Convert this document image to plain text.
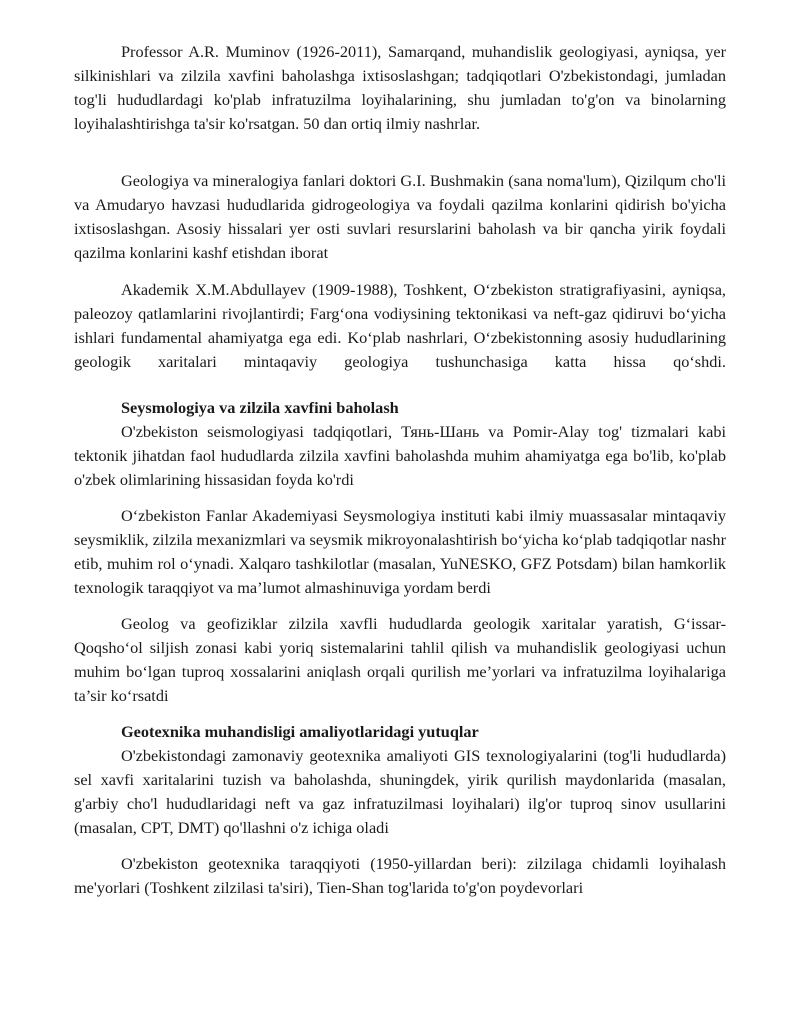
Professor A.R. Muminov (1926-2011), Samarqand, muhandislik geologiyasi, ayniqsa, yer silkinishlari va zilzila xavfini baholashga ixtisoslashgan; tadqiqotlari O'zbekistondagi, jumladan tog'li hududlardagi ko'plab infratuzilma loyihalarining, shu jumladan to'g'on va binolarning loyihalashtirishga ta'sir ko'rsatgan. 50 dan ortiq ilmiy nashrlar.

Geologiya va mineralogiya fanlari doktori G.I. Bushmakin (sana noma'lum), Qizilqum cho'li va Amudaryo havzasi hududlarida gidrogeologiya va foydali qazilma konlarini qidirish bo'yicha ixtisoslashgan. Asosiy hissalari yer osti suvlari resurslarini baholash va bir qancha yirik foydali qazilma konlarini kashf etishdan iborat

Akademik X.M.Abdullayev (1909-1988), Toshkent, O‘zbekiston stratigrafiyasini, ayniqsa, paleozoy qatlamlarini rivojlantirdi; Farg‘ona vodiysining tektonikasi va neft-gaz qidiruvi bo‘yicha ishlari fundamental ahamiyatga ega edi. Ko‘plab nashrlari, O‘zbekistonning asosiy hududlarining geologik xaritalari mintaqaviy geologiya tushunchasiga katta hissa qo‘shdi.

Seysmologiya va zilzila xavfini baholash

O'zbekiston seismologiyasi tadqiqotlari, Тянь-Шань va Pomir-Alay tog' tizmalari kabi tektonik jihatdan faol hududlarda zilzila xavfini baholashda muhim ahamiyatga ega bo'lib, ko'plab o'zbek olimlarining hissasidan foyda ko'rdi

O‘zbekiston Fanlar Akademiyasi Seysmologiya instituti kabi ilmiy muassasalar mintaqaviy seysmiklik, zilzila mexanizmlari va seysmik mikroyonalashtirish bo‘yicha ko‘plab tadqiqotlar nashr etib, muhim rol o‘ynadi. Xalqaro tashkilotlar (masalan, YuNESKO, GFZ Potsdam) bilan hamkorlik texnologik taraqqiyot va ma’lumot almashinuviga yordam berdi

Geolog va geofiziklar zilzila xavfli hududlarda geologik xaritalar yaratish, G‘issar-Qoqsho‘ol siljish zonasi kabi yoriq sistemalarini tahlil qilish va muhandislik geologiyasi uchun muhim bo‘lgan tuproq xossalarini aniqlash orqali qurilish me’yorlari va infratuzilma loyihalariga ta’sir ko‘rsatdi

Geotexnika muhandisligi amaliyotlaridagi yutuqlar

O'zbekistondagi zamonaviy geotexnika amaliyoti GIS texnologiyalarini (tog'li hududlarda) sel xavfi xaritalarini tuzish va baholashda, shuningdek, yirik qurilish maydonlarida (masalan, g'arbiy cho'l hududlaridagi neft va gaz infratuzilmasi loyihalari) ilg'or tuproq sinov usullarini (masalan, CPT, DMT) qo'llashni o'z ichiga oladi

O'zbekiston geotexnika taraqqiyoti (1950-yillardan beri): zilzilaga chidamli loyihalash me'yorlari (Toshkent zilzilasi ta'siri), Tien-Shan tog'larida to'g'on poydevorlari
